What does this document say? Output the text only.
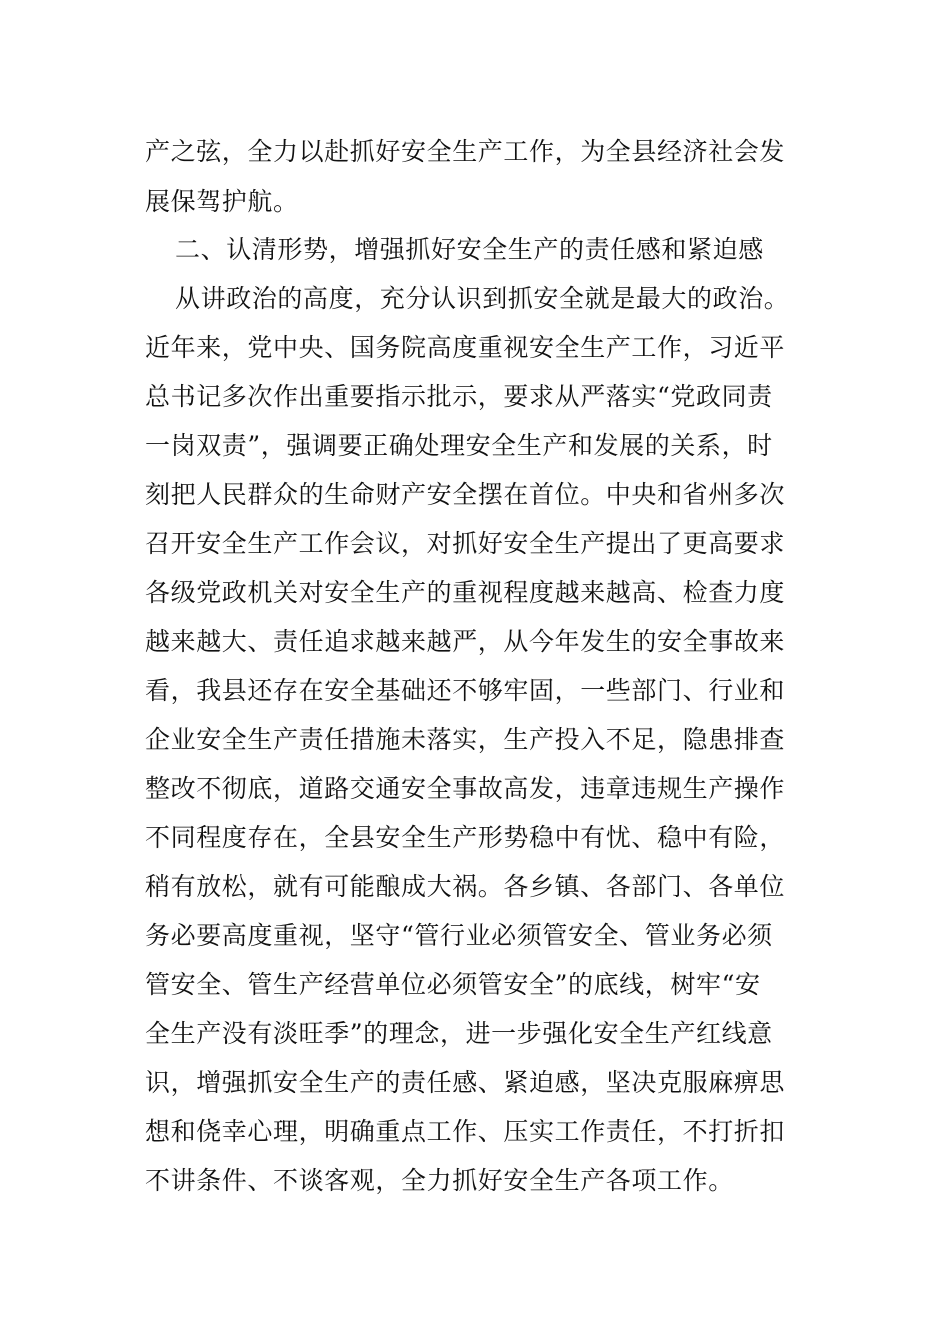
产之弦，全力以赴抓好安全生产工作，为全县经济社会发
展保驾护航。
二、认清形势，增强抓好安全生产的责任感和紧迫感
从讲政治的高度，充分认识到抓安全就是最大的政治。
近年来，党中央、国务院高度重视安全生产工作，习近平
总书记多次作出重要指示批示，要求从严落实“党政同责
一岗双责”，强调要正确处理安全生产和发展的关系，时
刻把人民群众的生命财产安全摆在首位。中央和省州多次
召开安全生产工作会议，对抓好安全生产提出了更高要求
各级党政机关对安全生产的重视程度越来越高、检查力度
越来越大、责任追求越来越严，从今年发生的安全事故来
看，我县还存在安全基础还不够牢固，一些部门、行业和
企业安全生产责任措施未落实，生产投入不足，隐患排查
整改不彻底，道路交通安全事故高发，违章违规生产操作
不同程度存在，全县安全生产形势稳中有忧、稳中有险，
稍有放松，就有可能酿成大祸。各乡镇、各部门、各单位
务必要高度重视，坚守“管行业必须管安全、管业务必须
管安全、管生产经营单位必须管安全”的底线，树牢“安
全生产没有淡旺季”的理念，进一步强化安全生产红线意
识，增强抓安全生产的责任感、紧迫感，坚决克服麻痹思
想和侥幸心理，明确重点工作、压实工作责任，不打折扣
不讲条件、不谈客观，全力抓好安全生产各项工作。
